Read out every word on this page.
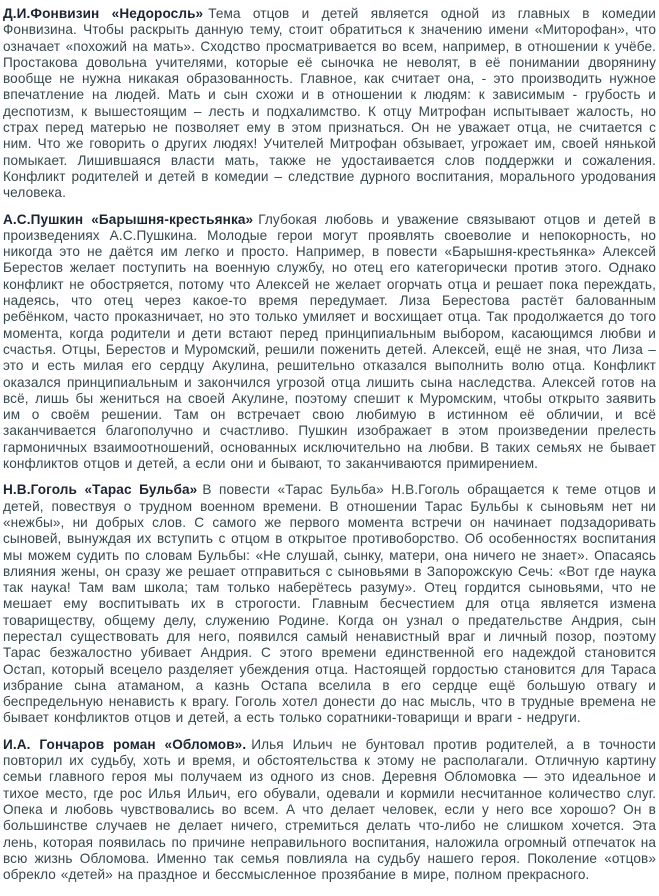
Д.И.Фонвизин «Недоросль» Тема отцов и детей является одной из главных в комедии Фонвизина. Чтобы раскрыть данную тему, стоит обратиться к значению имени «Миторофан», что означает «похожий на мать». Сходство просматривается во всем, например, в отношении к учёбе. Простакова довольна учителями, которые её сыночка не неволят, в её понимании дворянину вообще не нужна никакая образованность. Главное, как считает она, - это производить нужное впечатление на людей. Мать и сын схожи и в отношении к людям: к зависимым - грубость и деспотизм, к вышестоящим – лесть и подхалимство. К отцу Митрофан испытывает жалость, но страх перед матерью не позволяет ему в этом признаться. Он не уважает отца, не считается с ним. Что же говорить о других людях! Учителей Митрофан обзывает, угрожает им, своей нянькой помыкает. Лишившаяся власти мать, также не удостаивается слов поддержки и сожаления. Конфликт родителей и детей в комедии – следствие дурного воспитания, морального уродования человека.

А.С.Пушкин «Барышня-крестьянка» Глубокая любовь и уважение связывают отцов и детей в произведениях А.С.Пушкина. Молодые герои могут проявлять своеволие и непокорность, но никогда это не даётся им легко и просто. Например, в повести «Барышня-крестьянка» Алексей Берестов желает поступить на военную службу, но отец его категорически против этого. Однако конфликт не обостряется, потому что Алексей не желает огорчать отца и решает пока переждать, надеясь, что отец через какое-то время передумает. Лиза Берестова растёт балованным ребёнком, часто проказничает, но это только умиляет и восхищает отца. Так продолжается до того момента, когда родители и дети встают перед принципиальным выбором, касающимся любви и счастья. Отцы, Берестов и Муромский, решили поженить детей. Алексей, ещё не зная, что Лиза – это и есть милая его сердцу Акулина, решительно отказался выполнить волю отца. Конфликт оказался принципиальным и закончился угрозой отца лишить сына наследства. Алексей готов на всё, лишь бы жениться на своей Акулине, поэтому спешит к Муромским, чтобы открыто заявить им о своём решении. Там он встречает свою любимую в истинном её обличии, и всё заканчивается благополучно и счастливо. Пушкин изображает в этом произведении прелесть гармоничных взаимоотношений, основанных исключительно на любви. В таких семьях не бывает конфликтов отцов и детей, а если они и бывают, то заканчиваются примирением.

Н.В.Гоголь «Тарас Бульба» В повести «Тарас Бульба» Н.В.Гоголь обращается к теме отцов и детей, повествуя о трудном военном времени. В отношении Тарас Бульбы к сыновьям нет ни «нежбы», ни добрых слов. С самого же первого момента встречи он начинает подзадоривать сыновей, вынуждая их вступить с отцом в открытое противоборство. Об особенностях воспитания мы можем судить по словам Бульбы: «Не слушай, сынку, матери, она ничего не знает». Опасаясь влияния жены, он сразу же решает отправиться с сыновьями в Запорожскую Сечь: «Вот где наука так наука! Там вам школа; там только наберётесь разуму». Отец гордится сыновьями, что не мешает ему воспитывать их в строгости. Главным бесчестием для отца является измена товариществу, общему делу, служению Родине. Когда он узнал о предательстве Андрия, сын перестал существовать для него, появился самый ненавистный враг и личный позор, поэтому Тарас безжалостно убивает Андрия. С этого времени единственной его надеждой становится Остап, который всецело разделяет убеждения отца. Настоящей гордостью становится для Тараса избрание сына атаманом, а казнь Остапа вселила в его сердце ещё большую отвагу и беспредельную ненависть к врагу. Гоголь хотел донести до нас мысль, что в трудные времена не бывает конфликтов отцов и детей, а есть только соратники-товарищи и враги - недруги.

И.А. Гончаров роман «Обломов». Илья Ильич не бунтовал против родителей, а в точности повторил их судьбу, хоть и время, и обстоятельства к этому не располагали. Отличную картину семьи главного героя мы получаем из одного из снов. Деревня Обломовка — это идеальное и тихое место, где рос Илья Ильич, его обували, одевали и кормили несчитанное количество слуг. Опека и любовь чувствовались во всем. А что делает человек, если у него все хорошо? Он в большинстве случаев не делает ничего, стремиться делать что-либо не слишком хочется. Эта лень, которая появилась по причине неправильного воспитания, наложила огромный отпечаток на всю жизнь Обломова. Именно так семья повлияла на судьбу нашего героя. Поколение «отцов» обрекло «детей» на праздное и бессмысленное прозябание в мире, полном прекрасного.
